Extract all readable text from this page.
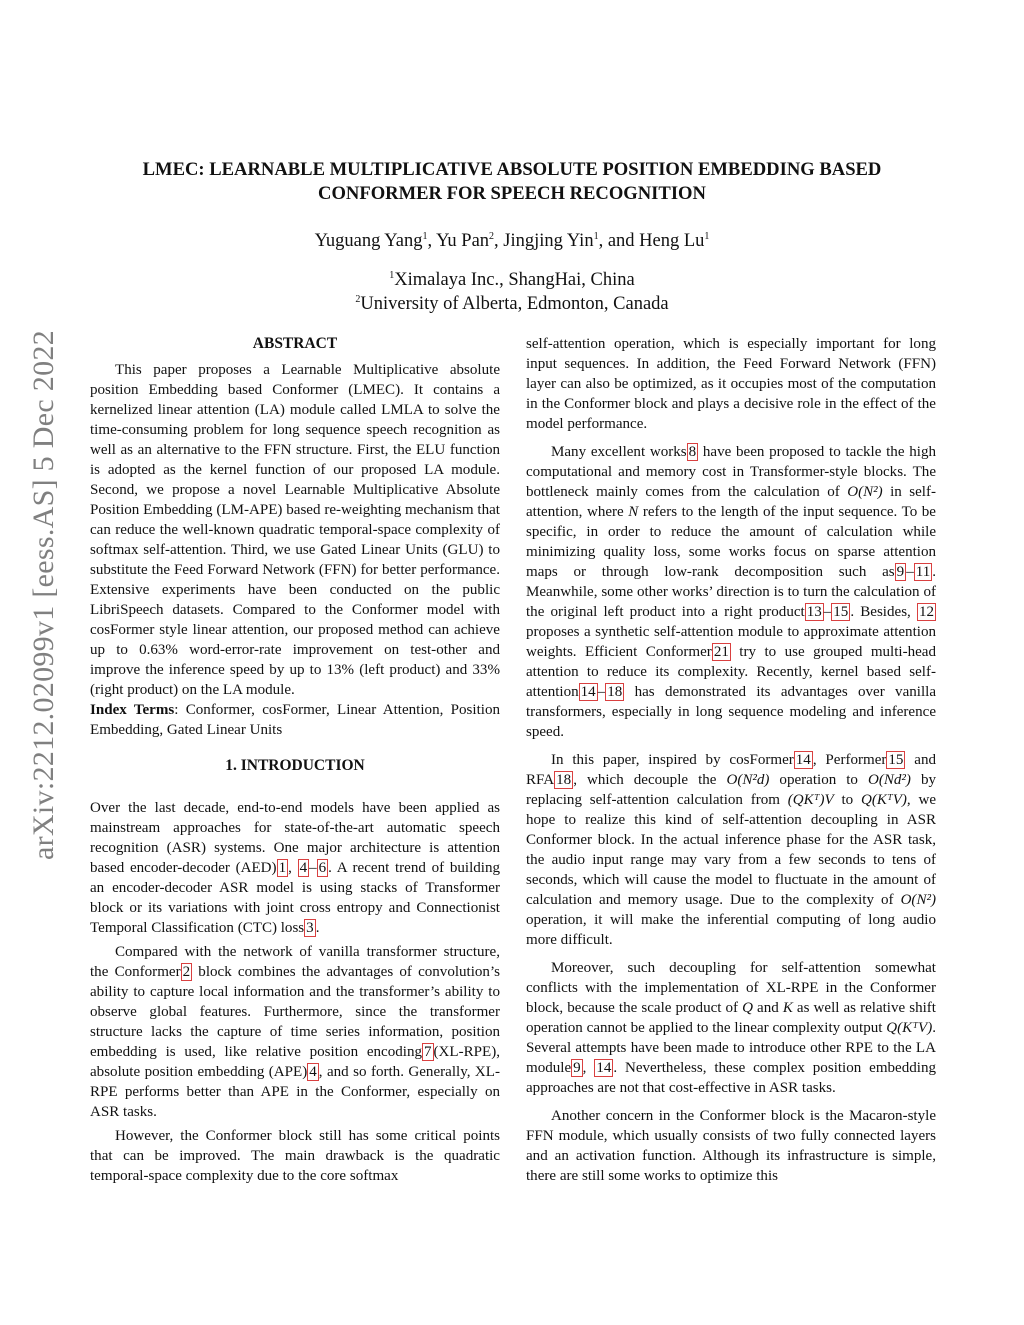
arXiv:2212.02099v1 [eess.AS] 5 Dec 2022
LMEC: LEARNABLE MULTIPLICATIVE ABSOLUTE POSITION EMBEDDING BASED
CONFORMER FOR SPEECH RECOGNITION
Yuguang Yang$^1$, Yu Pan$^2$, Jingjing Yin$^1$, and Heng Lu$^1$
$^1$Ximalaya Inc., ShangHai, China
$^2$University of Alberta, Edmonton, Canada

ABSTRACT

This paper proposes a Learnable Multiplicative absolute position Embedding based Conformer (LMEC). It contains a kernelized linear attention (LA) module called LMLA to solve the time-consuming problem for long sequence speech recognition as well as an alternative to the FFN structure. First, the ELU function is adopted as the kernel function of our proposed LA module. Second, we propose a novel Learnable Multiplicative Absolute Position Embedding (LM-APE) based re-weighting mechanism that can reduce the well-known quadratic temporal-space complexity of softmax self-attention. Third, we use Gated Linear Units (GLU) to substitute the Feed Forward Network (FFN) for better performance. Extensive experiments have been conducted on the public LibriSpeech datasets. Compared to the Conformer model with cosFormer style linear attention, our proposed method can achieve up to 0.63% word-error-rate improvement on test-other and improve the inference speed by up to 13% (left product) and 33% (right product) on the LA module.

Index Terms: Conformer, cosFormer, Linear Attention, Position Embedding, Gated Linear Units

1. INTRODUCTION

Over the last decade, end-to-end models have been applied as mainstream approaches for state-of-the-art automatic speech recognition (ASR) systems. One major architecture is attention based encoder-decoder (AED) 1 , 4 – 6 . A recent trend of building an encoder-decoder ASR model is using stacks of Transformer block or its variations with joint cross entropy and Connectionist Temporal Classification (CTC) loss 3 .

Compared with the network of vanilla transformer structure, the Conformer 2 block combines the advantages of convolution’s ability to capture local information and the transformer’s ability to observe global features. Furthermore, since the transformer structure lacks the capture of time series information, position embedding is used, like relative position encoding 7 (XL-RPE), absolute position embedding (APE) 4 , and so forth. Generally, XL-RPE performs better than APE in the Conformer, especially on ASR tasks.

However, the Conformer block still has some critical points that can be improved. The main drawback is the quadratic temporal-space complexity due to the core softmax

self-attention operation, which is especially important for long input sequences. In addition, the Feed Forward Network (FFN) layer can also be optimized, as it occupies most of the computation in the Conformer block and plays a decisive role in the effect of the model performance.

Many excellent works 8 have been proposed to tackle the high computational and memory cost in Transformer-style blocks. The bottleneck mainly comes from the calculation of O(N²) in self-attention, where N refers to the length of the input sequence. To be specific, in order to reduce the amount of calculation while minimizing quality loss, some works focus on sparse attention maps or through low-rank decomposition such as 9 – 11 . Meanwhile, some other works’ direction is to turn the calculation of the original left product into a right product 13 – 15 . Besides, 12 proposes a synthetic self-attention module to approximate attention weights. Efficient Conformer 21 try to use grouped multi-head attention to reduce its complexity. Recently, kernel based self-attention 14 – 18 has demonstrated its advantages over vanilla transformers, especially in long sequence modeling and inference speed.

In this paper, inspired by cosFormer 14 , Performer 15 and RFA 18 , which decouple the O(N²d) operation to O(Nd²) by replacing self-attention calculation from (QKᵀ)V to Q(KᵀV), we hope to realize this kind of self-attention decoupling in ASR Conformer block. In the actual inference phase for the ASR task, the audio input range may vary from a few seconds to tens of seconds, which will cause the model to fluctuate in the amount of calculation and memory usage. Due to the complexity of O(N²) operation, it will make the inferential computing of long audio more difficult.

Moreover, such decoupling for self-attention somewhat conflicts with the implementation of XL-RPE in the Conformer block, because the scale product of Q and K as well as relative shift operation cannot be applied to the linear complexity output Q(KᵀV). Several attempts have been made to introduce other RPE to the LA module 9 , 14 . Nevertheless, these complex position embedding approaches are not that cost-effective in ASR tasks.

Another concern in the Conformer block is the Macaron-style FFN module, which usually consists of two fully connected layers and an activation function. Although its infrastructure is simple, there are still some works to optimize this
